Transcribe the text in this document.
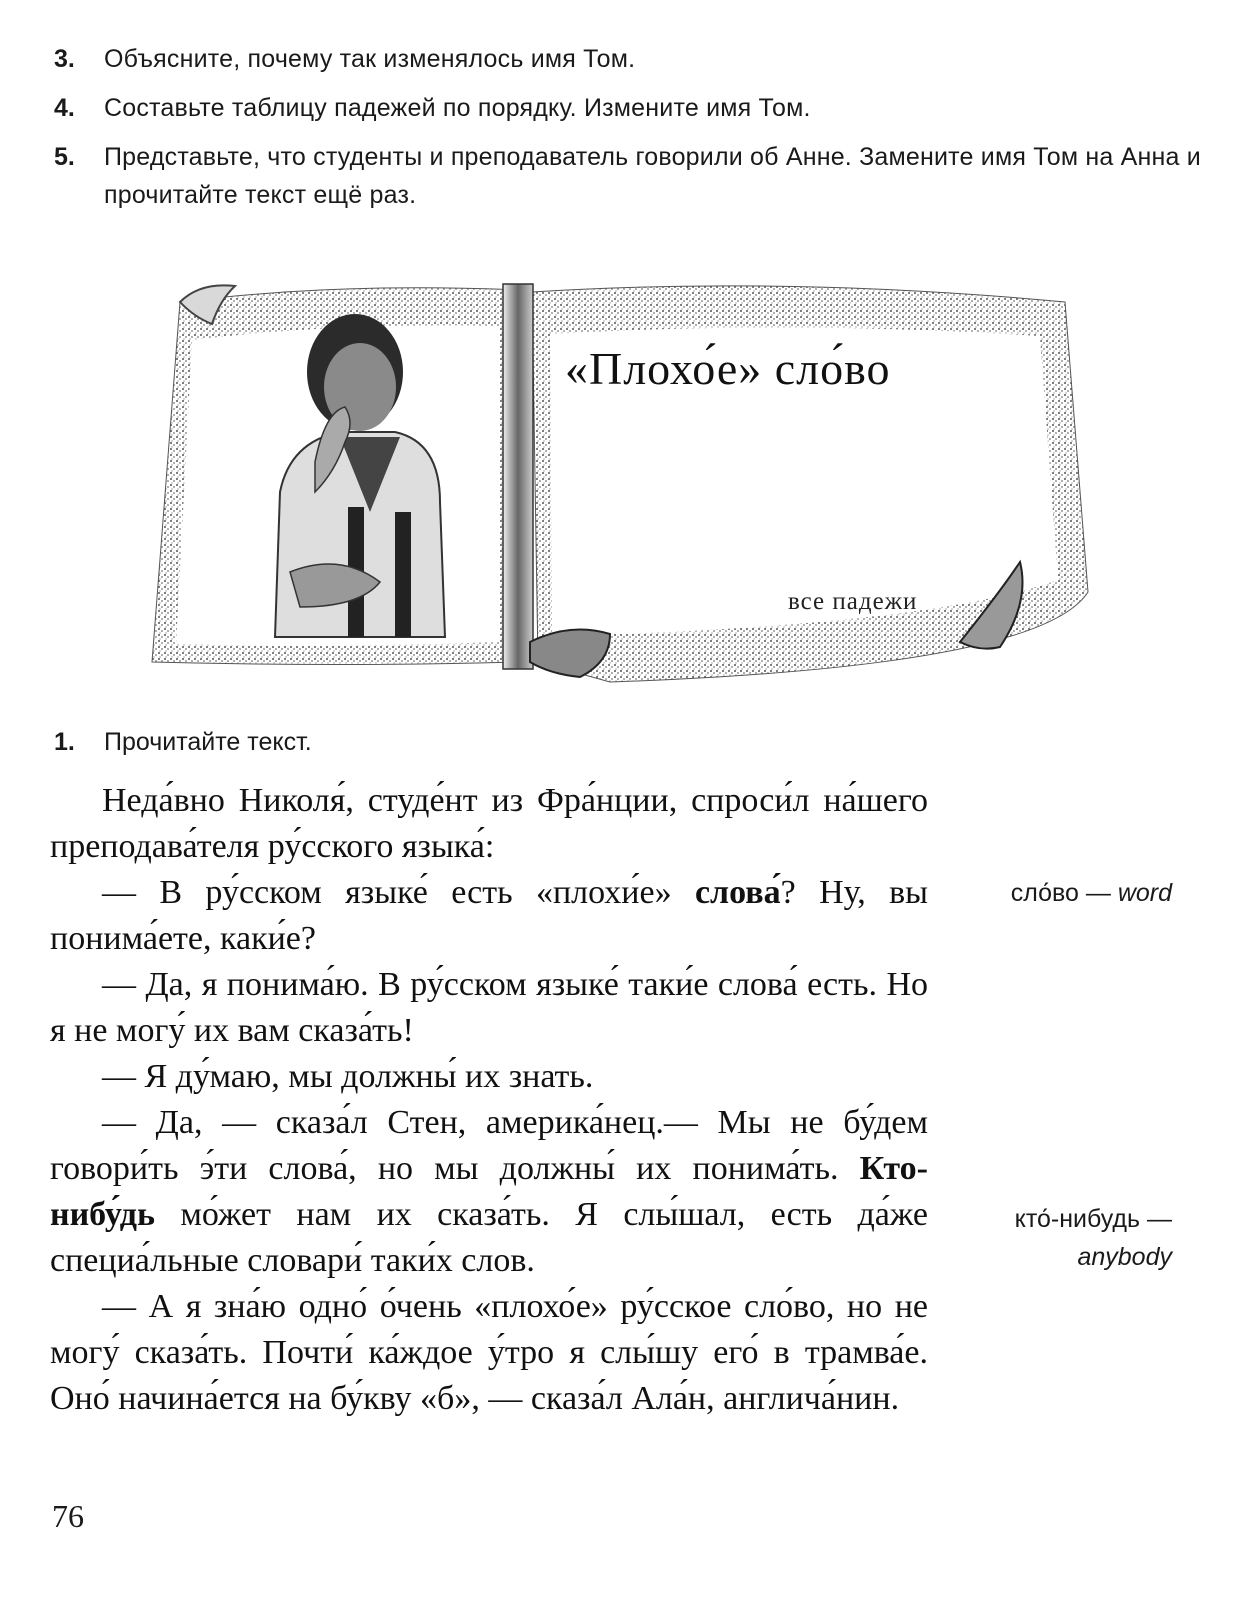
3.	Объясните, почему так изменялось имя Том.
4.	Составьте таблицу падежей по порядку. Измените имя Том.
5.	Представьте, что студенты и преподаватель говорили об Анне. Замените имя Том на Анна и прочитайте текст ещё раз.
«Плохо́е» сло́во
все падежи
1.	Прочитайте текст.

Неда́вно Николя́, студе́нт из Фра́нции, спроси́л на́шего преподава́теля ру́сского языка́:

— В ру́сском языке́ есть «плохи́е» слова́? Ну, вы понима́ете, каки́е?

— Да, я понима́ю. В ру́сском языке́ таки́е слова́ есть. Но я не могу́ их вам сказа́ть!

— Я ду́маю, мы должны́ их знать.

— Да, — сказа́л Стен, америка́нец.— Мы не бу́дем говори́ть э́ти слова́, но мы должны́ их понима́ть. Кто-нибу́дь мо́жет нам их сказа́ть. Я слы́шал, есть да́же специа́льные словари́ таки́х слов.

— А я зна́ю одно́ о́чень «плохо́е» ру́сское сло́во, но не могу́ сказа́ть. Почти́ ка́ждое у́тро я слы́шу его́ в трамва́е. Оно́ начина́ется на бу́кву «б», — сказа́л Ала́н, англича́нин.

сло́во — word
кто́-нибудь —
anybody
76
